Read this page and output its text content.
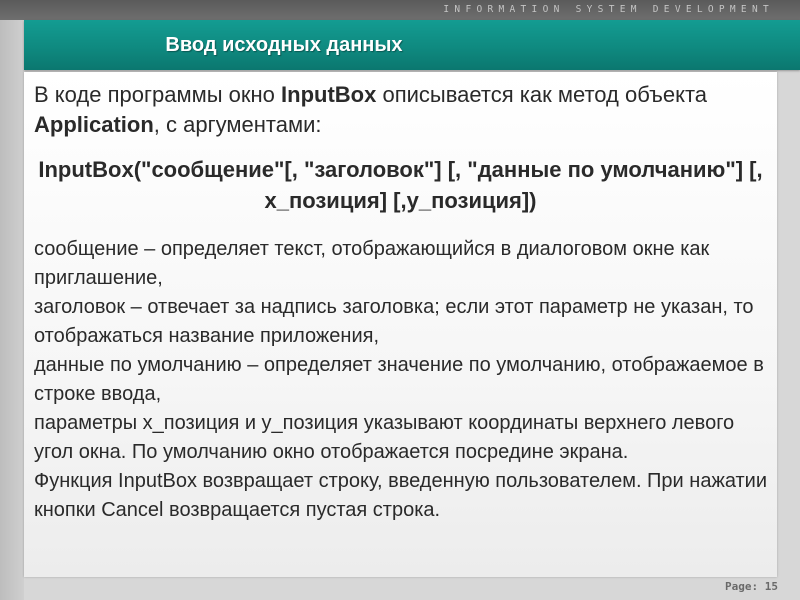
INFORMATION SYSTEM DEVELOPMENT
Ввод исходных данных

В коде программы окно InputBox описывается как метод объекта Application, с аргументами:

InputBox("сообщение"[, "заголовок"] [, "данные по умолчанию"] [, x_позиция] [,y_позиция])

сообщение – определяет текст, отображающийся в диалоговом окне как приглашение,

заголовок – отвечает за надпись заголовка; если этот параметр не указан, то отображаться название приложения,

данные по умолчанию – определяет значение по умолчанию, отображаемое в строке ввода,

параметры x_позиция и y_позиция указывают координаты верхнего левого угол окна. По умолчанию окно отображается посредине экрана.

Функция InputBox возвращает строку, введенную пользователем. При нажатии кнопки Cancel возвращается пустая строка.

Page: 15
